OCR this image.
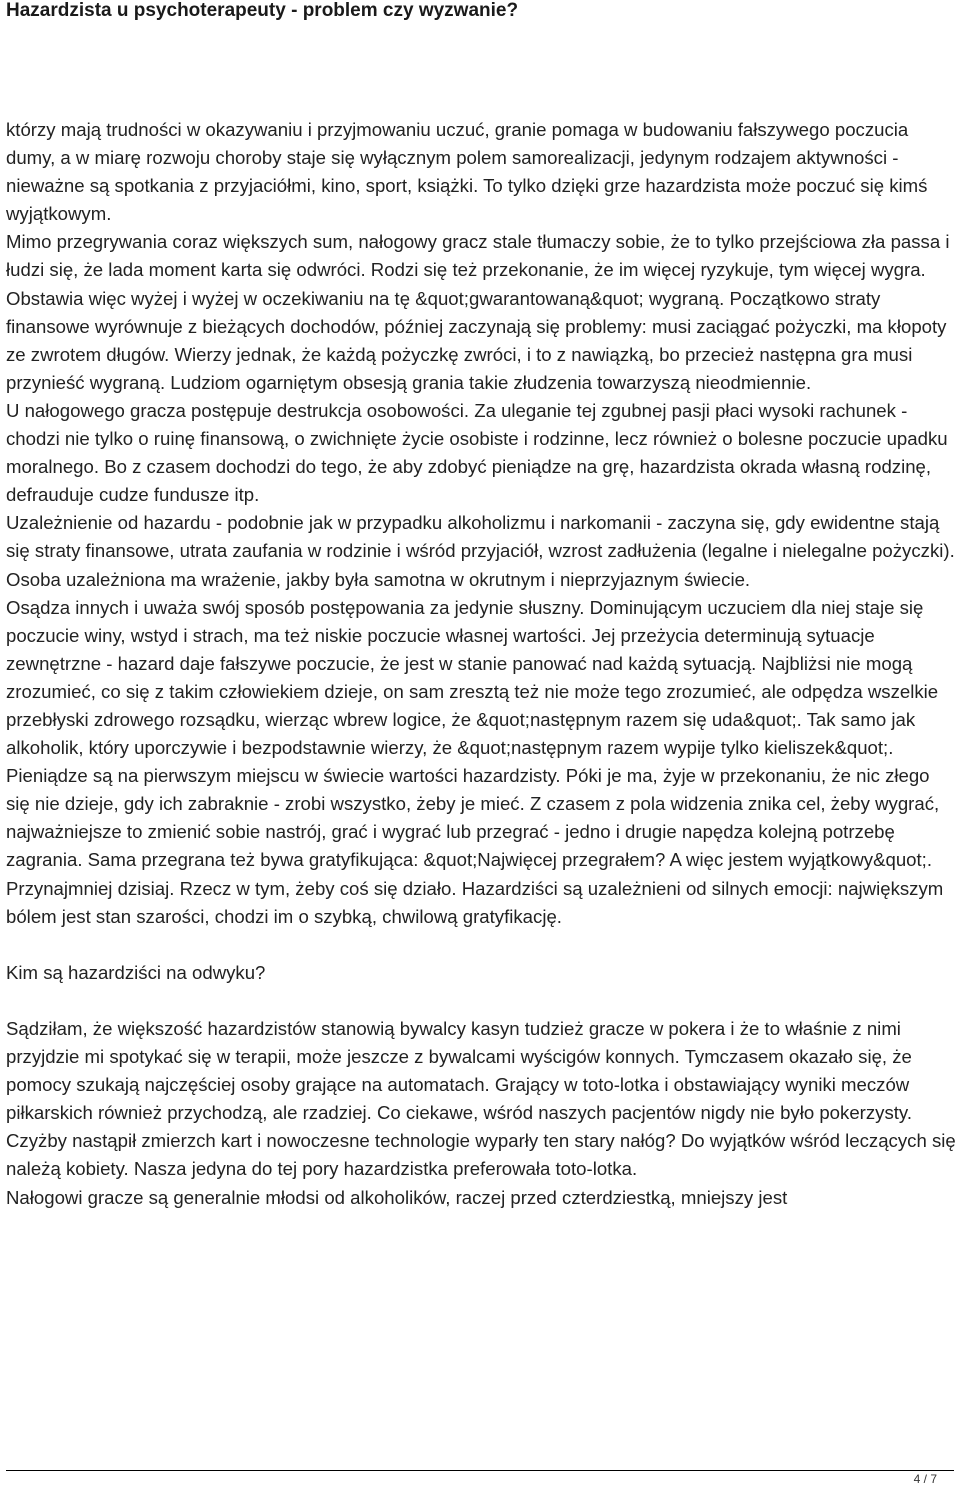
Hazardzista u psychoterapeuty - problem czy wyzwanie?

którzy mają trudności w okazywaniu i przyjmowaniu uczuć, granie pomaga w budowaniu fałszywego poczucia dumy, a w miarę rozwoju choroby staje się wyłącznym polem samorealizacji, jedynym rodzajem aktywności - nieważne są spotkania z przyjaciółmi, kino, sport, książki. To tylko dzięki grze hazardzista może poczuć się kimś wyjątkowym.

Mimo przegrywania coraz większych sum, nałogowy gracz stale tłumaczy sobie, że to tylko przejściowa zła passa i łudzi się, że lada moment karta się odwróci. Rodzi się też przekonanie, że im więcej ryzykuje, tym więcej wygra. Obstawia więc wyżej i wyżej w oczekiwaniu na tę &quot;gwarantowaną&quot; wygraną. Początkowo straty finansowe wyrównuje z bieżących dochodów, później zaczynają się problemy: musi zaciągać pożyczki, ma kłopoty ze zwrotem długów. Wierzy jednak, że każdą pożyczkę zwróci, i to z nawiązką, bo przecież następna gra musi przynieść wygraną. Ludziom ogarniętym obsesją grania takie złudzenia towarzyszą nieodmiennie.

U nałogowego gracza postępuje destrukcja osobowości. Za uleganie tej zgubnej pasji płaci wysoki rachunek - chodzi nie tylko o ruinę finansową, o zwichnięte życie osobiste i rodzinne, lecz również o bolesne poczucie upadku moralnego. Bo z czasem dochodzi do tego, że aby zdobyć pieniądze na grę, hazardzista okrada własną rodzinę, defrauduje cudze fundusze itp.

Uzależnienie od hazardu - podobnie jak w przypadku alkoholizmu i narkomanii - zaczyna się, gdy ewidentne stają się straty finansowe, utrata zaufania w rodzinie i wśród przyjaciół, wzrost zadłużenia (legalne i nielegalne pożyczki).

Osoba uzależniona ma wrażenie, jakby była samotna w okrutnym i nieprzyjaznym świecie.

Osądza innych i uważa swój sposób postępowania za jedynie słuszny. Dominującym uczuciem dla niej staje się poczucie winy, wstyd i strach, ma też niskie poczucie własnej wartości. Jej przeżycia determinują sytuacje zewnętrzne - hazard daje fałszywe poczucie, że jest w stanie panować nad każdą sytuacją. Najbliżsi nie mogą zrozumieć, co się z takim człowiekiem dzieje, on sam zresztą też nie może tego zrozumieć, ale odpędza wszelkie przebłyski zdrowego rozsądku, wierząc wbrew logice, że &quot;następnym razem się uda&quot;. Tak samo jak alkoholik, który uporczywie i bezpodstawnie wierzy, że &quot;następnym razem wypije tylko kieliszek&quot;.

Pieniądze są na pierwszym miejscu w świecie wartości hazardzisty. Póki je ma, żyje w przekonaniu, że nic złego się nie dzieje, gdy ich zabraknie - zrobi wszystko, żeby je mieć. Z czasem z pola widzenia znika cel, żeby wygrać, najważniejsze to zmienić sobie nastrój, grać i wygrać lub przegrać - jedno i drugie napędza kolejną potrzebę zagrania. Sama przegrana też bywa gratyfikująca: &quot;Najwięcej przegrałem? A więc jestem wyjątkowy&quot;. Przynajmniej dzisiaj. Rzecz w tym, żeby coś się działo. Hazardziści są uzależnieni od silnych emocji: największym bólem jest stan szarości, chodzi im o szybką, chwilową gratyfikację.

Kim są hazardziści na odwyku?

Sądziłam, że większość hazardzistów stanowią bywalcy kasyn tudzież gracze w pokera i że to właśnie z nimi przyjdzie mi spotykać się w terapii, może jeszcze z bywalcami wyścigów konnych. Tymczasem okazało się, że pomocy szukają najczęściej osoby grające na automatach. Grający w toto-lotka i obstawiający wyniki meczów piłkarskich również przychodzą, ale rzadziej. Co ciekawe, wśród naszych pacjentów nigdy nie było pokerzysty. Czyżby nastąpił zmierzch kart i nowoczesne technologie wyparły ten stary nałóg? Do wyjątków wśród leczących się należą kobiety. Nasza jedyna do tej pory hazardzistka preferowała toto-lotka.

Nałogowi gracze są generalnie młodsi od alkoholików, raczej przed czterdziestką, mniejszy jest

4 / 7
